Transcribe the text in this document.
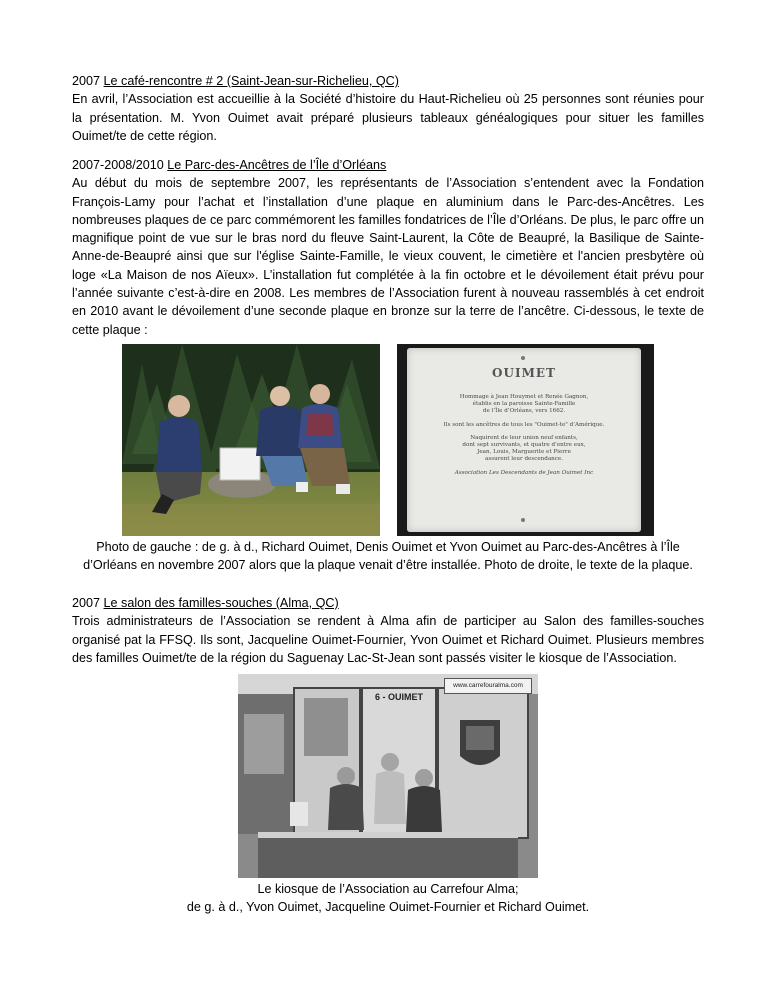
2007 Le café-rencontre # 2 (Saint-Jean-sur-Richelieu, QC)

En avril, l’Association est accueillie à la Société d’histoire du Haut-Richelieu où 25 personnes sont réunies pour la présentation. M. Yvon Ouimet avait préparé plusieurs tableaux généalogiques pour situer les familles Ouimet/te de cette région.

2007-2008/2010 Le Parc-des-Ancêtres de l’Île d’Orléans

Au début du mois de septembre 2007, les représentants de l’Association s’entendent avec la Fondation François-Lamy pour l’achat et l’installation d’une plaque en aluminium dans le Parc-des-Ancêtres. Les nombreuses plaques de ce parc commémorent les familles fondatrices de l’Île d’Orléans. De plus, le parc offre un magnifique point de vue sur le bras nord du fleuve Saint-Laurent, la Côte de Beaupré, la Basilique de Sainte-Anne-de-Beaupré ainsi que sur l'église Sainte-Famille, le vieux couvent, le cimetière et l'ancien presbytère où loge «La Maison de nos Aïeux». L’installation fut complétée à la fin octobre et le dévoilement était prévu pour l’année suivante c’est-à-dire en 2008. Les membres de l’Association furent à nouveau rassemblés à cet endroit en 2010 avant le dévoilement d’une seconde plaque en bronze sur la terre de l’ancêtre. Ci-dessous, le texte de cette plaque :

OUIMET
Hommage à Jean Houymet et Renée Gagnon,
établis en la paroisse Sainte-Famille
de l’Île d’Orléans, vers 1662.
Ils sont les ancêtres de tous les "Ouimet-te" d’Amérique.
Naquirent de leur union neuf enfants,
dont sept survivants, et quatre d’entre eux,
Jean, Louis, Marguerite et Pierre
assurent leur descendance.
Association Les Descendants de Jean Ouimet Inc
Photo de gauche : de g. à d., Richard Ouimet, Denis Ouimet et Yvon Ouimet au Parc-des-Ancêtres à l’Île
d’Orléans en novembre 2007 alors que la plaque venait d’être installée. Photo de droite, le texte de la plaque.
2007 Le salon des familles-souches (Alma, QC)

Trois administrateurs de l’Association se rendent à Alma afin de participer au Salon des familles-souches organisé pat la FFSQ. Ils sont, Jacqueline Ouimet-Fournier, Yvon Ouimet et Richard Ouimet. Plusieurs membres des familles Ouimet/te de la région du Saguenay Lac-St-Jean sont passés visiter le kiosque de l’Association.

6 - OUIMET
www.carrefouralma.com
Le kiosque de l’Association au Carrefour Alma;
de g. à d., Yvon Ouimet, Jacqueline Ouimet-Fournier et Richard Ouimet.
